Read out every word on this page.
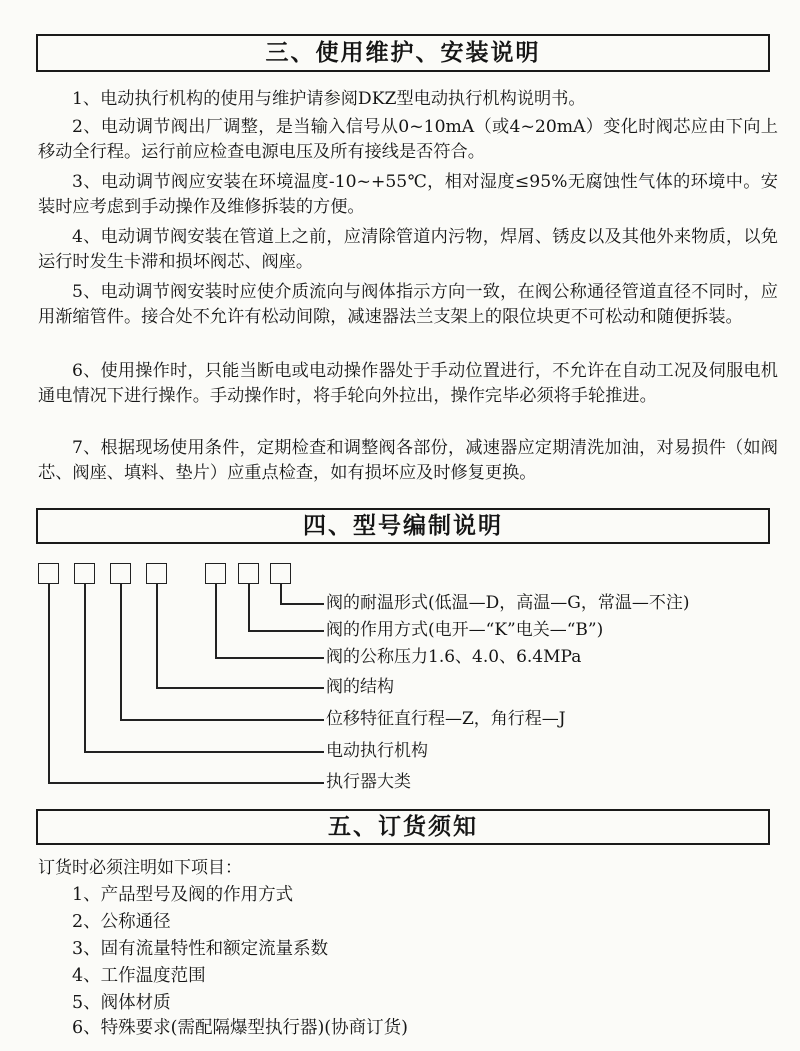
三、使用维护、安装说明

1、电动执行机构的使用与维护请参阅DKZ型电动执行机构说明书。

2、电动调节阀出厂调整，是当输入信号从0~10mA（或4~20mA）变化时阀芯应由下向上移动全行程。运行前应检查电源电压及所有接线是否符合。

3、电动调节阀应安装在环境温度-10~+55℃，相对湿度≤95%无腐蚀性气体的环境中。安装时应考虑到手动操作及维修拆装的方便。

4、电动调节阀安装在管道上之前，应清除管道内污物，焊屑、锈皮以及其他外来物质，以免运行时发生卡滞和损坏阀芯、阀座。

5、电动调节阀安装时应使介质流向与阀体指示方向一致，在阀公称通径管道直径不同时，应用渐缩管件。接合处不允许有松动间隙，减速器法兰支架上的限位块更不可松动和随便拆装。

6、使用操作时，只能当断电或电动操作器处于手动位置进行，不允许在自动工况及伺服电机通电情况下进行操作。手动操作时，将手轮向外拉出，操作完毕必须将手轮推进。

7、根据现场使用条件，定期检查和调整阀各部份，减速器应定期清洗加油，对易损件（如阀芯、阀座、填料、垫片）应重点检查，如有损坏应及时修复更换。

四、型号编制说明
阀的耐温形式(低温—D，高温—G，常温—不注)
阀的作用方式(电开—“K”电关—“B”)
阀的公称压力1.6、4.0、6.4MPa
阀的结构
位移特征直行程—Z，角行程—J
电动执行机构
执行器大类
五、订货须知
订货时必须注明如下项目：
1、产品型号及阀的作用方式
2、公称通径
3、固有流量特性和额定流量系数
4、工作温度范围
5、阀体材质
6、特殊要求(需配隔爆型执行器)(协商订货)
